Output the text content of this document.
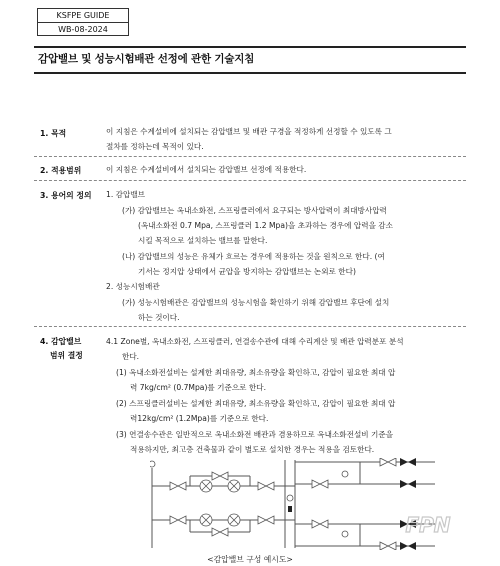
KSFPE GUIDE
WB-08-2024
감압밸브 및 성능시험배관 선정에 관한 기술지침
1. 목적	이 지침은 수계설비에 설치되는 감압밸브 및 배관 구경을 적정하게 선정할 수 있도록 그
절차를 정하는데 목적이 있다.
2. 적용범위	이 지침은 수계설비에서 설치되는 감압밸브 선정에 적용한다.
3. 용어의 정의 1. 감압밸브
(가) 감압밸브는 옥내소화전, 스프링클러에서 요구되는 방사압력이 최대방사압력
(옥내소화전 0.7 Mpa, 스프링클러 1.2 Mpa)을 초과하는 경우에 압력을 감소
시킬 목적으로 설치하는 밸브를 말한다.
(나) 감압밸브의 성능은 유체가 흐르는 경우에 적용하는 것을 원칙으로 한다. (여
기서는 정지압 상태에서 균압을 방지하는 감압밸브는 논외로 한다)
2. 성능시험배관
(가) 성능시험배관은 감압밸브의 성능시험을 확인하기 위해 감압밸브 후단에 설치
하는 것이다.
4. 감압밸브
범위 결정
4.1 Zone별, 옥내소화전, 스프링클러, 연결송수관에 대해 수리계산 및 배관 압력분포 분석
한다.
(1) 옥내소화전설비는 설계한 최대유량, 최소유량을 확인하고, 감압이 필요한 최대 압
력 7kg/cm² (0.7Mpa)를 기준으로 한다.
(2) 스프링클러설비는 설계한 최대유량, 최소유량을 확인하고, 감압이 필요한 최대 압
력12kg/cm² (1.2Mpa)를 기준으로 한다.
(3) 연결송수관은 일반적으로 옥내소화전 배관과 겸용하므로 옥내소화전설비 기준을
적용하지만, 최고층 건축물과 같이 별도로 설치한 경우는 적용을 검토한다.
<감압밸브 구성 예시도>
FPN
